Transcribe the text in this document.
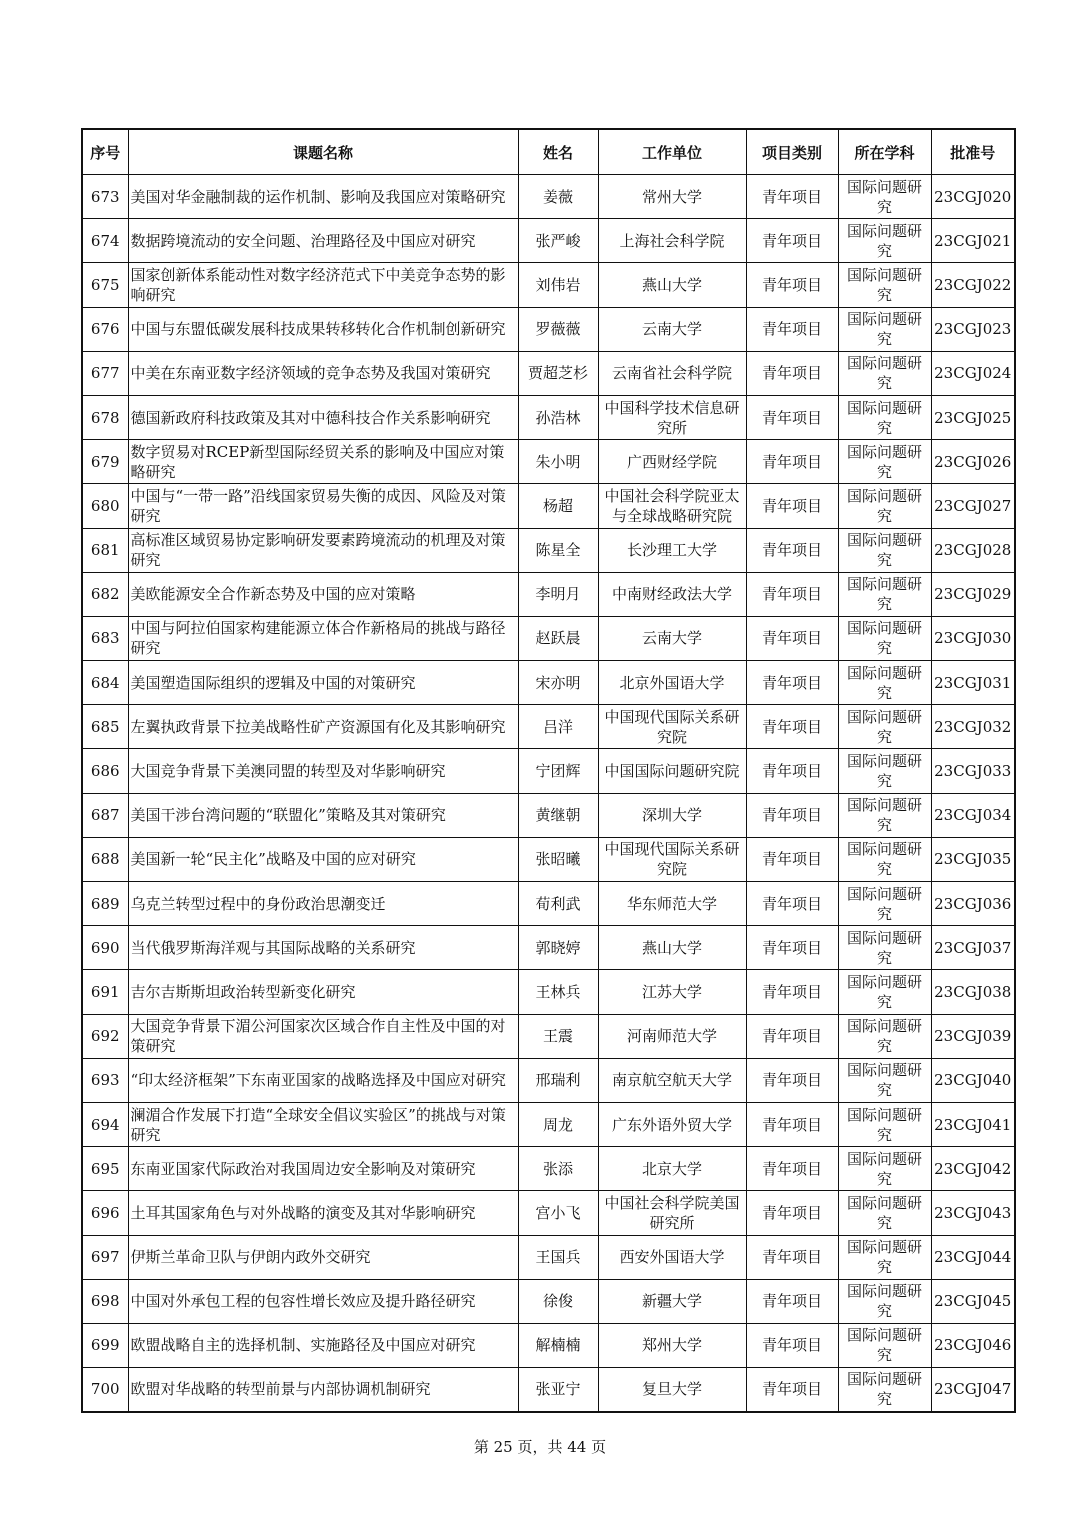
序号	课题名称	姓名	工作单位	项目类别	所在学科	批准号
673	美国对华金融制裁的运作机制、影响及我国应对策略研究	姜薇	常州大学	青年项目	国际问题研究	23CGJ020
674	数据跨境流动的安全问题、治理路径及中国应对研究	张严峻	上海社会科学院	青年项目	国际问题研究	23CGJ021
675	国家创新体系能动性对数字经济范式下中美竞争态势的影响研究	刘伟岩	燕山大学	青年项目	国际问题研究	23CGJ022
676	中国与东盟低碳发展科技成果转移转化合作机制创新研究	罗薇薇	云南大学	青年项目	国际问题研究	23CGJ023
677	中美在东南亚数字经济领域的竞争态势及我国对策研究	贾超芝杉	云南省社会科学院	青年项目	国际问题研究	23CGJ024
678	德国新政府科技政策及其对中德科技合作关系影响研究	孙浩林	中国科学技术信息研究所	青年项目	国际问题研究	23CGJ025
679	数字贸易对RCEP新型国际经贸关系的影响及中国应对策略研究	朱小明	广西财经学院	青年项目	国际问题研究	23CGJ026
680	中国与“一带一路”沿线国家贸易失衡的成因、风险及对策研究	杨超	中国社会科学院亚太与全球战略研究院	青年项目	国际问题研究	23CGJ027
681	高标准区域贸易协定影响研发要素跨境流动的机理及对策研究	陈星全	长沙理工大学	青年项目	国际问题研究	23CGJ028
682	美欧能源安全合作新态势及中国的应对策略	李明月	中南财经政法大学	青年项目	国际问题研究	23CGJ029
683	中国与阿拉伯国家构建能源立体合作新格局的挑战与路径研究	赵跃晨	云南大学	青年项目	国际问题研究	23CGJ030
684	美国塑造国际组织的逻辑及中国的对策研究	宋亦明	北京外国语大学	青年项目	国际问题研究	23CGJ031
685	左翼执政背景下拉美战略性矿产资源国有化及其影响研究	吕洋	中国现代国际关系研究院	青年项目	国际问题研究	23CGJ032
686	大国竞争背景下美澳同盟的转型及对华影响研究	宁团辉	中国国际问题研究院	青年项目	国际问题研究	23CGJ033
687	美国干涉台湾问题的“联盟化”策略及其对策研究	黄继朝	深圳大学	青年项目	国际问题研究	23CGJ034
688	美国新一轮“民主化”战略及中国的应对研究	张昭曦	中国现代国际关系研究院	青年项目	国际问题研究	23CGJ035
689	乌克兰转型过程中的身份政治思潮变迁	荀利武	华东师范大学	青年项目	国际问题研究	23CGJ036
690	当代俄罗斯海洋观与其国际战略的关系研究	郭晓婷	燕山大学	青年项目	国际问题研究	23CGJ037
691	吉尔吉斯斯坦政治转型新变化研究	王林兵	江苏大学	青年项目	国际问题研究	23CGJ038
692	大国竞争背景下湄公河国家次区域合作自主性及中国的对策研究	王震	河南师范大学	青年项目	国际问题研究	23CGJ039
693	“印太经济框架”下东南亚国家的战略选择及中国应对研究	邢瑞利	南京航空航天大学	青年项目	国际问题研究	23CGJ040
694	澜湄合作发展下打造“全球安全倡议实验区”的挑战与对策研究	周龙	广东外语外贸大学	青年项目	国际问题研究	23CGJ041
695	东南亚国家代际政治对我国周边安全影响及对策研究	张添	北京大学	青年项目	国际问题研究	23CGJ042
696	土耳其国家角色与对外战略的演变及其对华影响研究	宫小飞	中国社会科学院美国研究所	青年项目	国际问题研究	23CGJ043
697	伊斯兰革命卫队与伊朗内政外交研究	王国兵	西安外国语大学	青年项目	国际问题研究	23CGJ044
698	中国对外承包工程的包容性增长效应及提升路径研究	徐俊	新疆大学	青年项目	国际问题研究	23CGJ045
699	欧盟战略自主的选择机制、实施路径及中国应对研究	解楠楠	郑州大学	青年项目	国际问题研究	23CGJ046
700	欧盟对华战略的转型前景与内部协调机制研究	张亚宁	复旦大学	青年项目	国际问题研究	23CGJ047
第 25 页，共 44 页
